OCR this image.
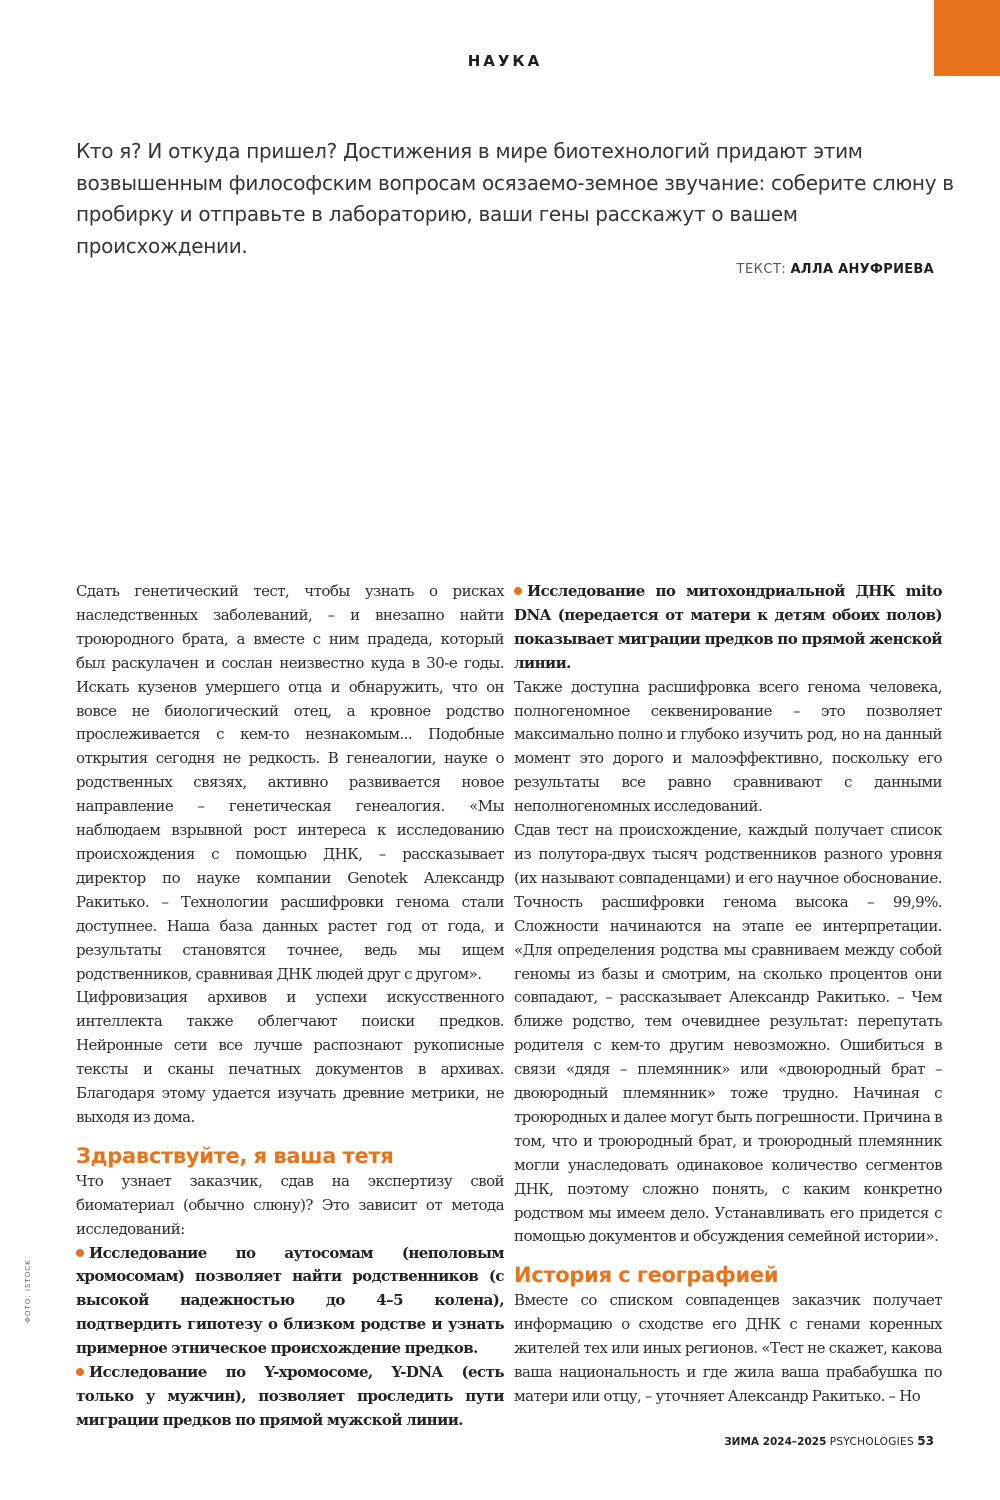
НАУКА

Кто я? И откуда пришел? Достижения в мире биотехнологий придают этим возвышенным философским вопросам осязаемо-земное звучание: соберите слюну в пробирку и отправьте в лабораторию, ваши гены расскажут о вашем происхождении.

ТЕКСТ: АЛЛА АНУФРИЕВА

Сдать генетический тест, чтобы узнать о рисках наследственных заболеваний, – и внезапно найти троюродного брата, а вместе с ним прадеда, который был раскулачен и сослан неизвестно куда в 30-е годы. Искать кузенов умершего отца и обнаружить, что он вовсе не биологический отец, а кровное родство прослеживается с кем-то незнакомым... Подобные открытия сегодня не редкость. В генеалогии, науке о родственных связях, активно развивается новое направление – генетическая генеалогия. «Мы наблюдаем взрывной рост интереса к исследованию происхождения с помощью ДНК, – рассказывает директор по науке компании Genotek Александр Ракитько. – Технологии расшифровки генома стали доступнее. Наша база данных растет год от года, и результаты становятся точнее, ведь мы ищем родственников, сравнивая ДНК людей друг с другом».

Цифровизация архивов и успехи искусственного интеллекта также облегчают поиски предков. Нейронные сети все лучше распознают рукописные тексты и сканы печатных документов в архивах. Благодаря этому удается изучать древние метрики, не выходя из дома.

Здравствуйте, я ваша тетя

Что узнает заказчик, сдав на экспертизу свой биоматериал (обычно слюну)? Это зависит от метода исследований:

Исследование по аутосомам (неполовым хромосомам) позволяет найти родственников (с высокой надежностью до 4–5 колена), подтвердить гипотезу о близком родстве и узнать примерное этническое происхождение предков.

Исследование по Y-хромосоме, Y-DNA (есть только у мужчин), позволяет проследить пути миграции предков по прямой мужской линии.

Исследование по митохондриальной ДНК mito DNA (передается от матери к детям обоих полов) показывает миграции предков по прямой женской линии.

Также доступна расшифровка всего генома человека, полногеномное секвенирование – это позволяет максимально полно и глубоко изучить род, но на данный момент это дорого и малоэффективно, поскольку его результаты все равно сравнивают с данными неполногеномных исследований.

Сдав тест на происхождение, каждый получает список из полутора-двух тысяч родственников разного уровня (их называют совпаденцами) и его научное обоснование. Точность расшифровки генома высока – 99,9%. Сложности начинаются на этапе ее интерпретации. «Для определения родства мы сравниваем между собой геномы из базы и смотрим, на сколько процентов они совпадают, – рассказывает Александр Ракитько. – Чем ближе родство, тем очевиднее результат: перепутать родителя с кем-то другим невозможно. Ошибиться в связи «дядя – племянник» или «двоюродный брат – двоюродный племянник» тоже трудно. Начиная с троюродных и далее могут быть погрешности. Причина в том, что и троюродный брат, и троюродный племянник могли унаследовать одинаковое количество сегментов ДНК, поэтому сложно понять, с каким конкретно родством мы имеем дело. Устанавливать его придется с помощью документов и обсуждения семейной истории».

История с географией

Вместе со списком совпаденцев заказчик получает информацию о сходстве его ДНК с генами коренных жителей тех или иных регионов. «Тест не скажет, какова ваша национальность и где жила ваша прабабушка по матери или отцу, – уточняет Александр Ракитько. – Но

ФОТО: ISTOCK
ЗИМА 2024–2025 PSYCHOLOGIES 53
